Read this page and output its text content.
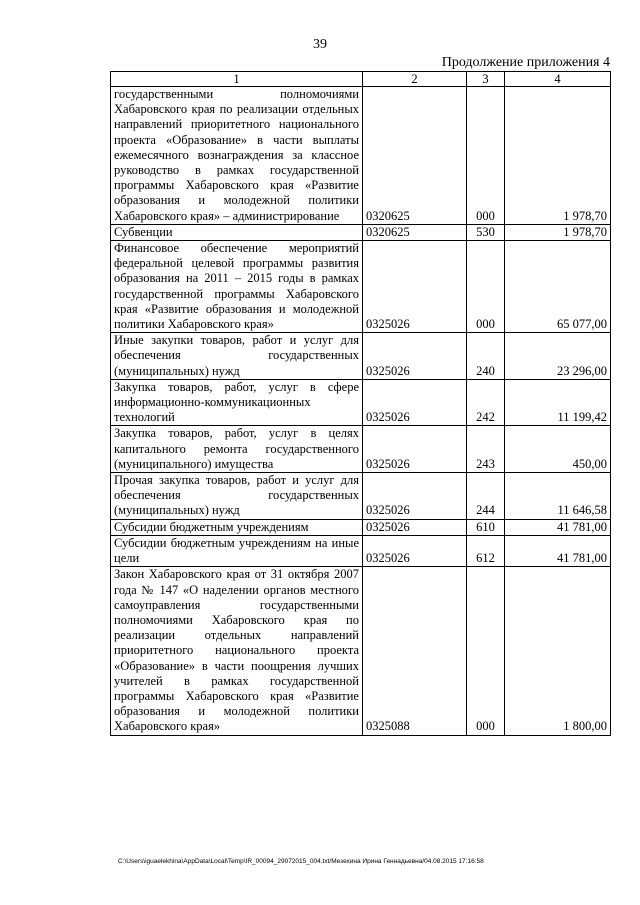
39
Продолжение приложения 4
1	2	3	4
государственными полномочиями Хабаровского края по реализации отдельных направлений приоритетного национального проекта «Образование» в части выплаты ежемесячного вознаграждения за классное руководство в рамках государственной программы Хабаровского края «Развитие образования и молодежной политики Хабаровского края» – администрирование	0320625	000	1 978,70
Субвенции	0320625	530	1 978,70
Финансовое обеспечение мероприятий федеральной целевой программы развития образования на 2011 – 2015 годы в рамках государственной программы Хабаровского края «Развитие образования и молодежной политики Хабаровского края»	0325026	000	65 077,00
Иные закупки товаров, работ и услуг для обеспечения государственных (муниципальных) нужд	0325026	240	23 296,00
Закупка товаров, работ, услуг в сфере информационно-коммуникационных технологий	0325026	242	11 199,42
Закупка товаров, работ, услуг в целях капитального ремонта государственного (муниципального) имущества	0325026	243	450,00
Прочая закупка товаров, работ и услуг для обеспечения государственных (муниципальных) нужд	0325026	244	11 646,58
Субсидии бюджетным учреждениям	0325026	610	41 781,00
Субсидии бюджетным учреждениям на иные цели	0325026	612	41 781,00
Закон Хабаровского края от 31 октября 2007 года № 147 «О наделении органов местного самоуправления государственными полномочиями Хабаровского края по реализации отдельных направлений приоритетного национального проекта «Образование» в части поощрения лучших учителей в рамках государственной программы Хабаровского края «Развитие образования и молодежной политики Хабаровского края»	0325088	000	1 800,00
C:\Users\iguaelekhina\AppData\Local\Temp\IR_00094_29072015_004.txt/Мезехина Ирина Геннадьевна/04.08.2015 17:16:58
